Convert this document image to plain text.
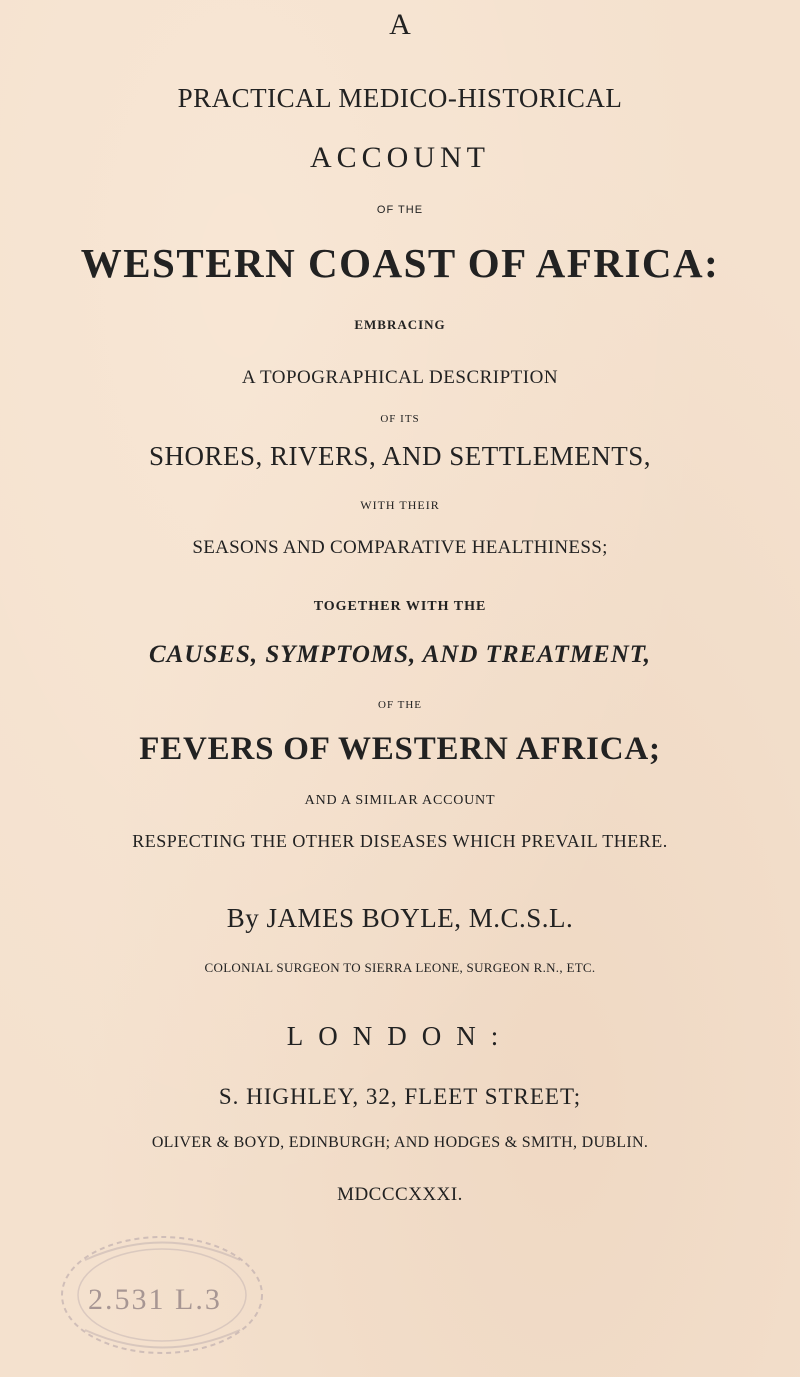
A
PRACTICAL MEDICO-HISTORICAL
ACCOUNT
OF THE
WESTERN COAST OF AFRICA:
EMBRACING
A TOPOGRAPHICAL DESCRIPTION
OF ITS
SHORES, RIVERS, AND SETTLEMENTS,
WITH THEIR
SEASONS AND COMPARATIVE HEALTHINESS;
TOGETHER WITH THE
CAUSES, SYMPTOMS, AND TREATMENT,
OF THE
FEVERS OF WESTERN AFRICA;
AND A SIMILAR ACCOUNT
RESPECTING THE OTHER DISEASES WHICH PREVAIL THERE.
By JAMES BOYLE, M.C.S.L.
COLONIAL SURGEON TO SIERRA LEONE, SURGEON R.N., ETC.
LONDON:
S. HIGHLEY, 32, FLEET STREET;
OLIVER & BOYD, EDINBURGH; AND HODGES & SMITH, DUBLIN.
MDCCCXXXI.
2.531 L.3
